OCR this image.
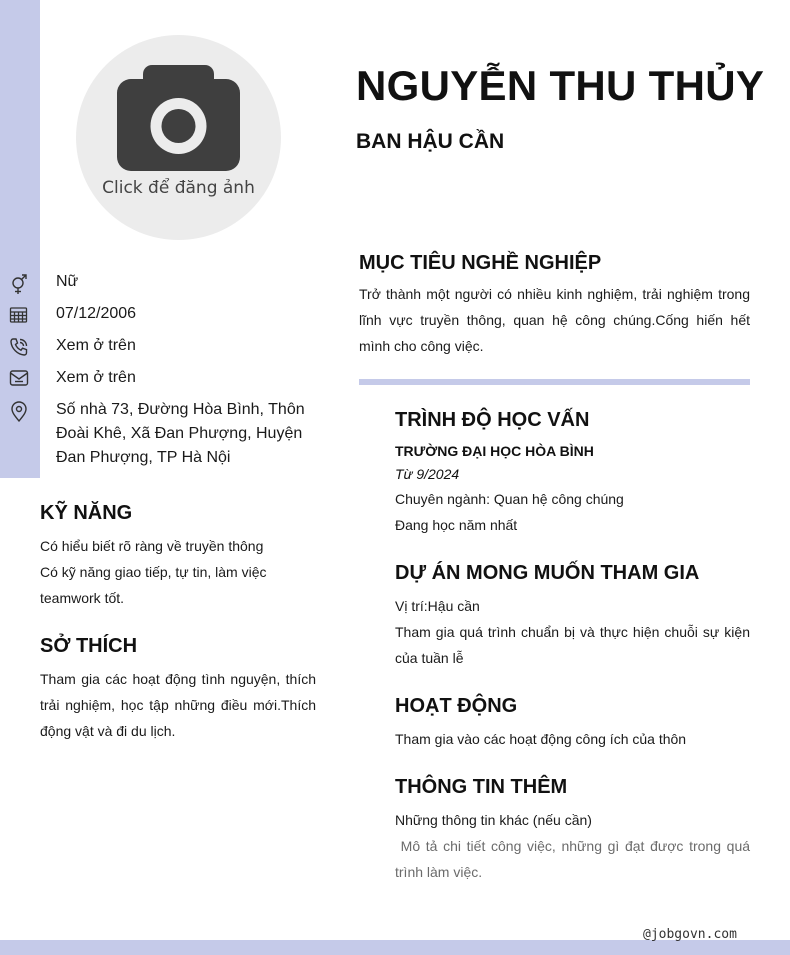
Click để đăng ảnh
NGUYỄN THU THỦY
BAN HẬU CẦN
Nữ
07/12/2006
Xem ở trên
Xem ở trên
Số nhà 73, Đường Hòa Bình, Thôn Đoài Khê, Xã Đan Phượng, Huyện Đan Phượng, TP Hà Nội
KỸ NĂNG
Có hiểu biết rõ ràng về truyền thông
Có kỹ năng giao tiếp, tự tin, làm việc teamwork tốt.
SỞ THÍCH
Tham gia các hoạt động tình nguyện, thích trải nghiệm, học tập những điều mới.Thích động vật và đi du lịch.
MỤC TIÊU NGHỀ NGHIỆP
Trở thành một người có nhiều kinh nghiệm, trải nghiệm trong lĩnh vực truyền thông, quan hệ công chúng.Cống hiến hết mình cho công việc.
TRÌNH ĐỘ HỌC VẤN
TRƯỜNG ĐẠI HỌC HÒA BÌNH
Từ 9/2024
Chuyên ngành: Quan hệ công chúng
Đang học năm nhất
DỰ ÁN MONG MUỐN THAM GIA
Vị trí:Hậu cần
Tham gia quá trình chuẩn bị và thực hiện chuỗi sự kiện của tuần lễ
HOẠT ĐỘNG
Tham gia vào các hoạt động công ích của thôn
THÔNG TIN THÊM
Những thông tin khác (nếu cần)
Mô tả chi tiết công việc, những gì đạt được trong quá trình làm việc.
@jobgovn.com
